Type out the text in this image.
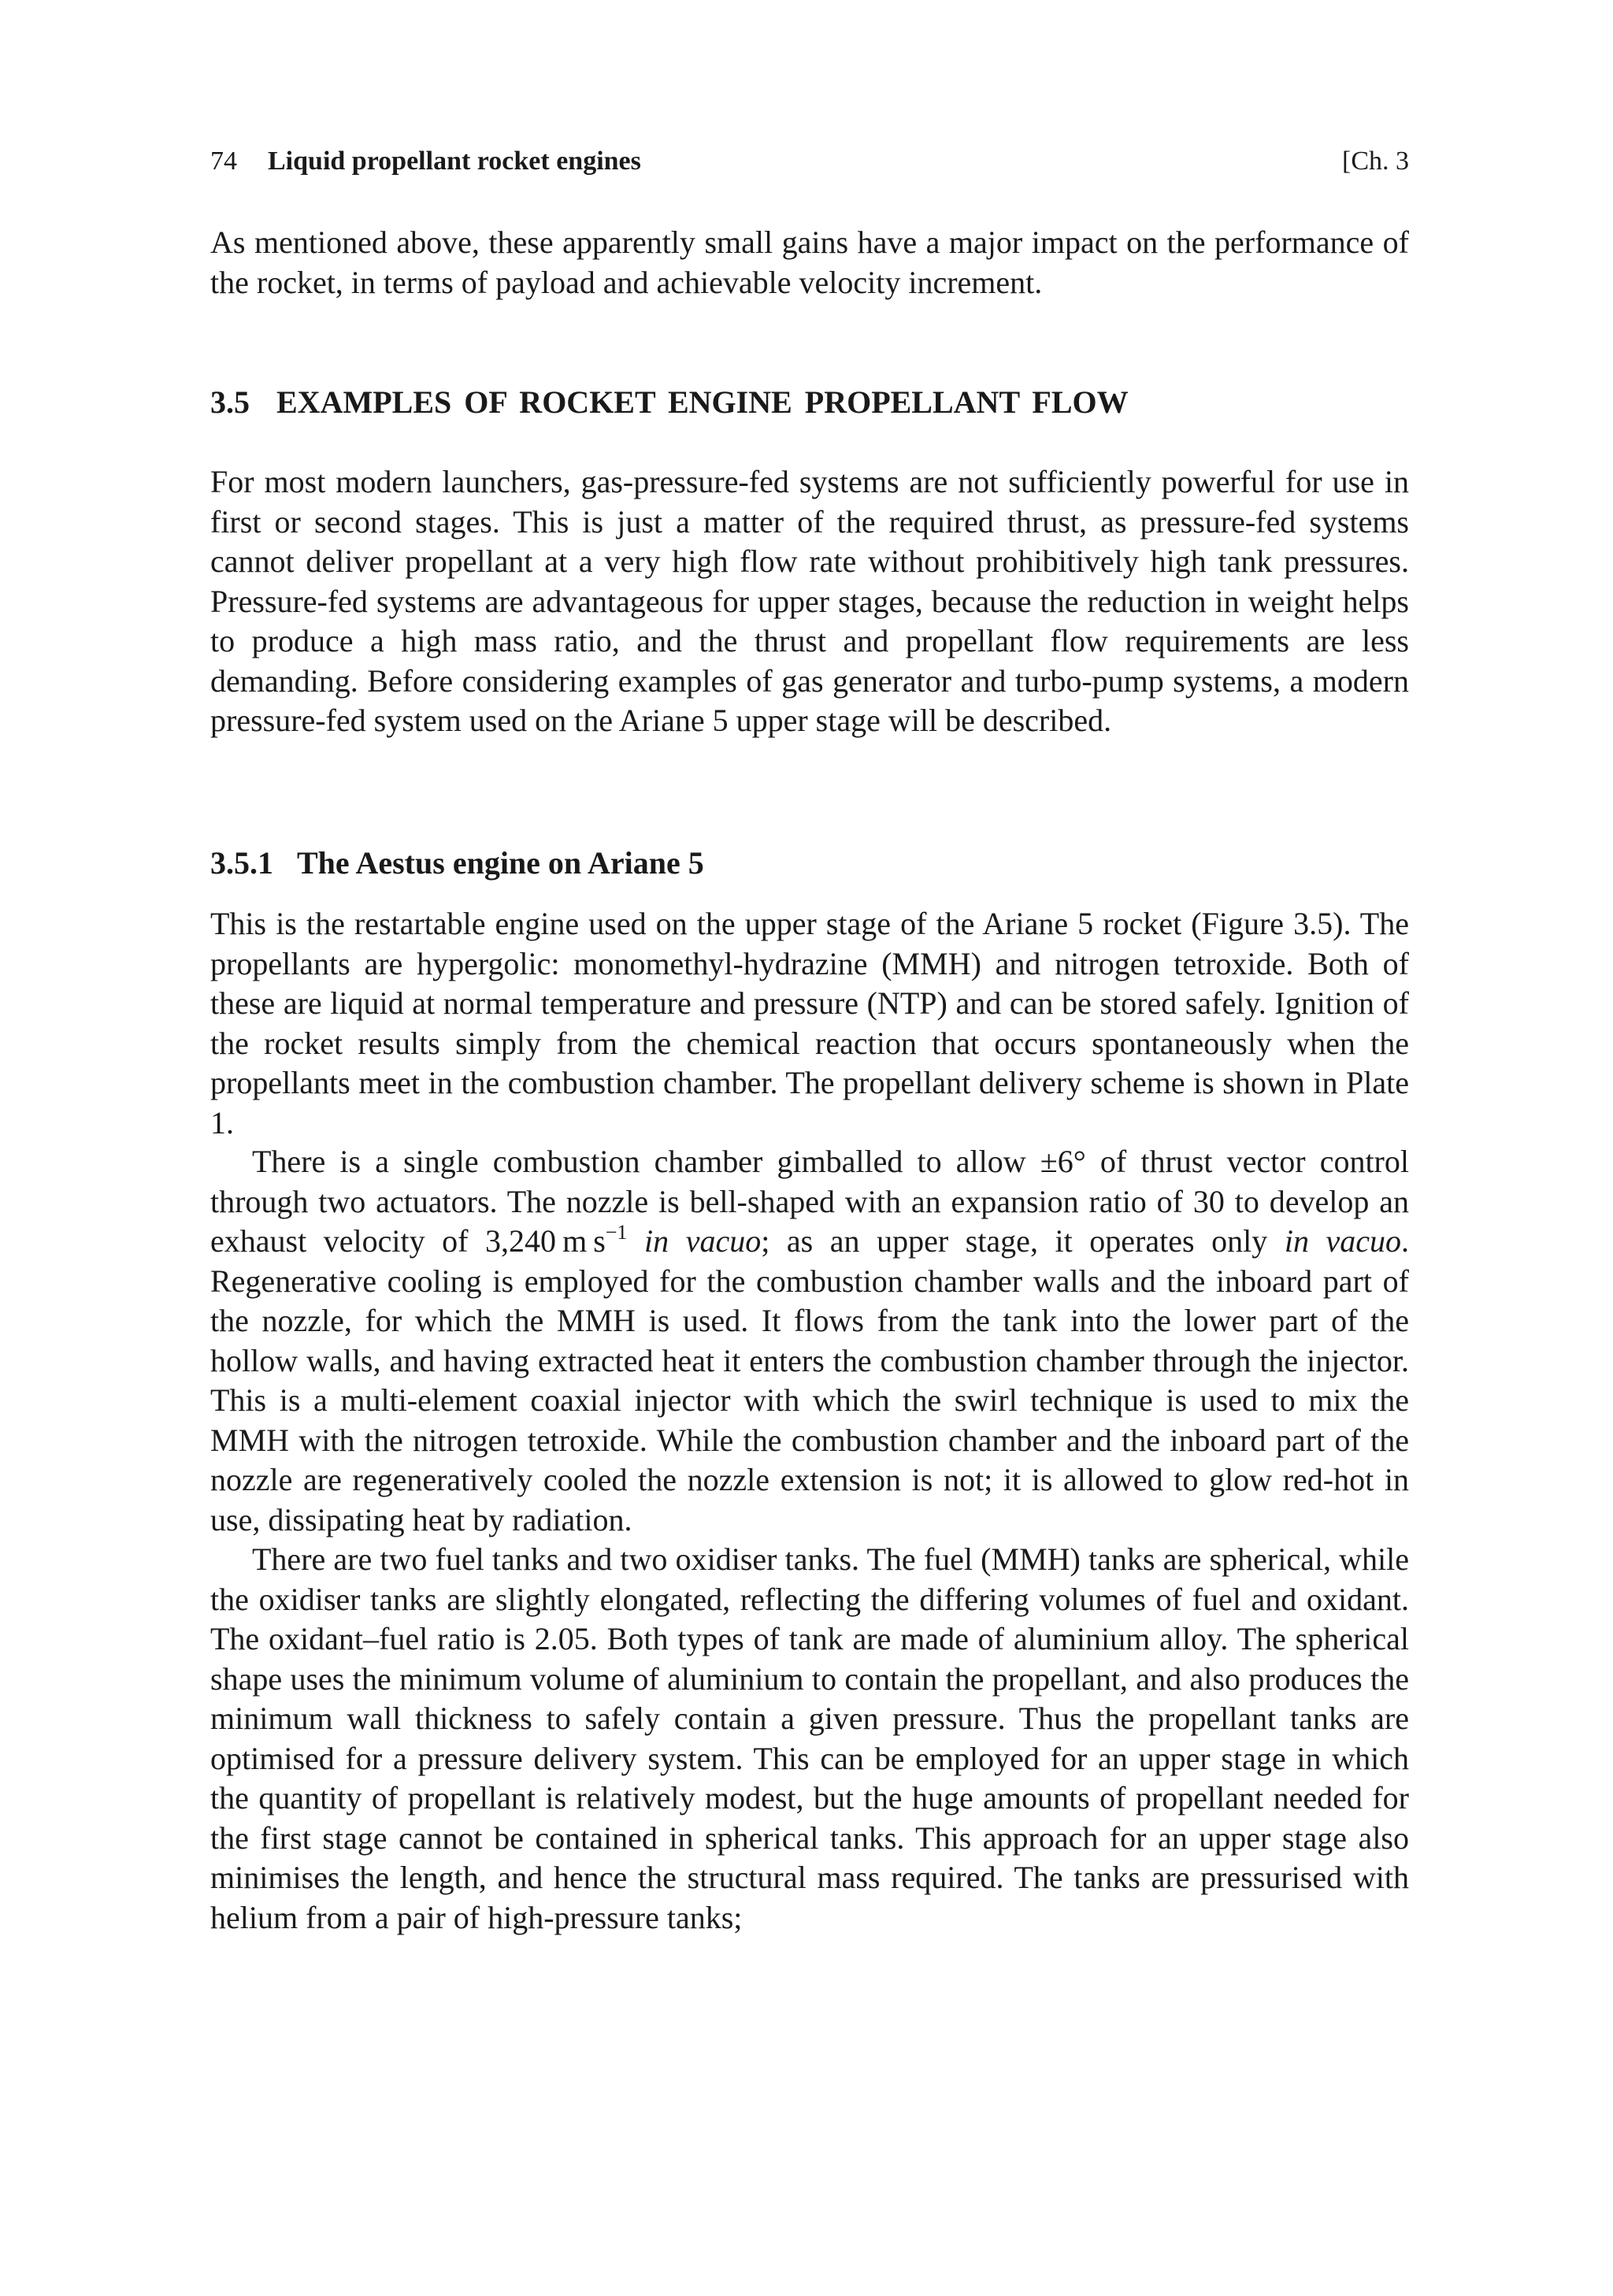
74 Liquid propellant rocket engines	[Ch. 3

As mentioned above, these apparently small gains have a major impact on the performance of the rocket, in terms of payload and achievable velocity increment.

3.5 EXAMPLES OF ROCKET ENGINE PROPELLANT FLOW

For most modern launchers, gas-pressure-fed systems are not sufficiently powerful for use in first or second stages. This is just a matter of the required thrust, as pressure-fed systems cannot deliver propellant at a very high flow rate without prohibitively high tank pressures. Pressure-fed systems are advantageous for upper stages, because the reduction in weight helps to produce a high mass ratio, and the thrust and propellant flow requirements are less demanding. Before considering examples of gas generator and turbo-pump systems, a modern pressure-fed system used on the Ariane 5 upper stage will be described.

3.5.1 The Aestus engine on Ariane 5

This is the restartable engine used on the upper stage of the Ariane 5 rocket (Figure 3.5). The propellants are hypergolic: monomethyl-hydrazine (MMH) and nitrogen tetroxide. Both of these are liquid at normal temperature and pressure (NTP) and can be stored safely. Ignition of the rocket results simply from the chemical reaction that occurs spontaneously when the propellants meet in the combustion chamber. The propellant delivery scheme is shown in Plate 1.

There is a single combustion chamber gimballed to allow ±6° of thrust vector control through two actuators. The nozzle is bell-shaped with an expansion ratio of 30 to develop an exhaust velocity of 3,240 m $s^{-1}$ in vacuo; as an upper stage, it operates only in vacuo. Regenerative cooling is employed for the combustion chamber walls and the inboard part of the nozzle, for which the MMH is used. It flows from the tank into the lower part of the hollow walls, and having extracted heat it enters the combustion chamber through the injector. This is a multi-element coaxial injector with which the swirl technique is used to mix the MMH with the nitrogen tetroxide. While the combustion chamber and the inboard part of the nozzle are regeneratively cooled the nozzle extension is not; it is allowed to glow red-hot in use, dissipating heat by radiation.

There are two fuel tanks and two oxidiser tanks. The fuel (MMH) tanks are spherical, while the oxidiser tanks are slightly elongated, reflecting the differing volumes of fuel and oxidant. The oxidant–fuel ratio is 2.05. Both types of tank are made of aluminium alloy. The spherical shape uses the minimum volume of aluminium to contain the propellant, and also produces the minimum wall thickness to safely contain a given pressure. Thus the propellant tanks are optimised for a pressure delivery system. This can be employed for an upper stage in which the quantity of propellant is relatively modest, but the huge amounts of propellant needed for the first stage cannot be contained in spherical tanks. This approach for an upper stage also minimises the length, and hence the structural mass required. The tanks are pressurised with helium from a pair of high-pressure tanks;
